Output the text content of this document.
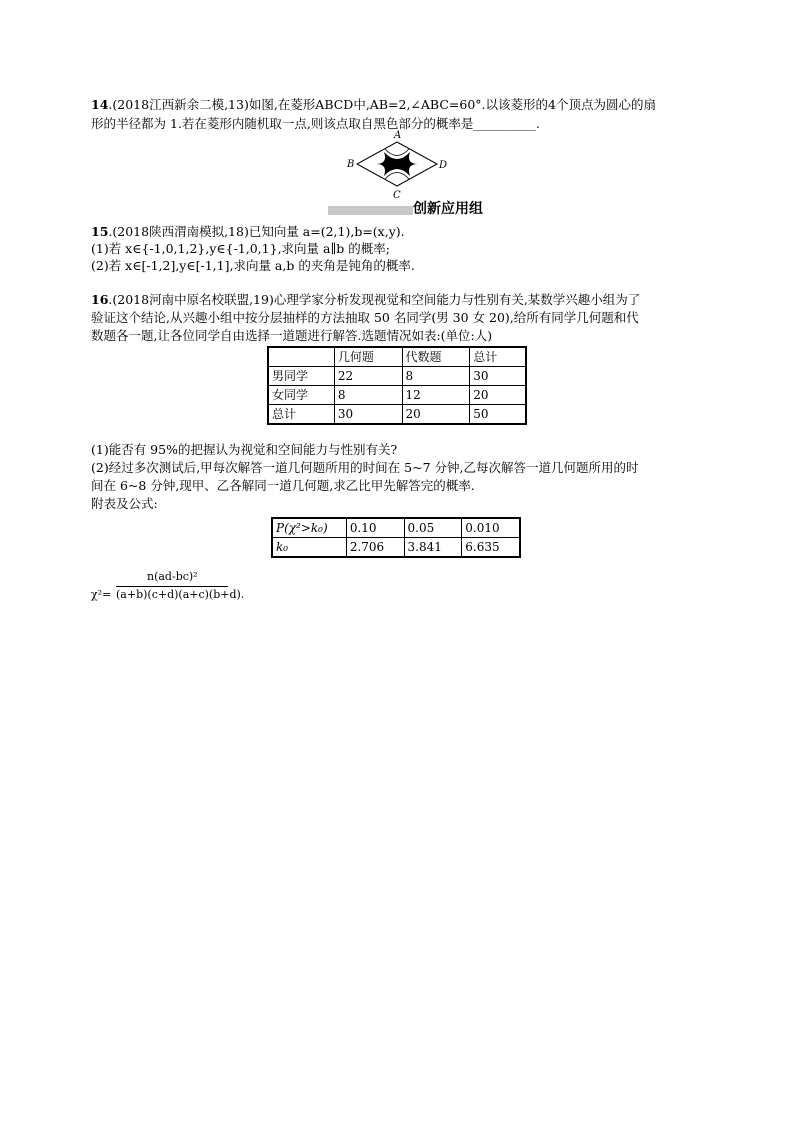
14.(2018江西新余二模,13)如图,在菱形ABCD中,AB=2,∠ABC=60°.以该菱形的4个顶点为圆心的扇
形的半径都为 1.若在菱形内随机取一点,则该点取自黑色部分的概率是__________.
A
B	D
C
创新应用组
15.(2018陕西渭南模拟,18)已知向量 a=(2,1),b=(x,y).
(1)若 x∈{-1,0,1,2},y∈{-1,0,1},求向量 a∥b 的概率;
(2)若 x∈[-1,2],y∈[-1,1],求向量 a,b 的夹角是钝角的概率.
16.(2018河南中原名校联盟,19)心理学家分析发现视觉和空间能力与性别有关,某数学兴趣小组为了
验证这个结论,从兴趣小组中按分层抽样的方法抽取 50 名同学(男 30 女 20),给所有同学几何题和代
数题各一题,让各位同学自由选择一道题进行解答.选题情况如表:(单位:人)
	几何题	代数题	总计
男同学	22	8	30
女同学	8	12	20
总计	30	20	50
(1)能否有 95%的把握认为视觉和空间能力与性别有关?
(2)经过多次测试后,甲每次解答一道几何题所用的时间在 5~7 分钟,乙每次解答一道几何题所用的时
间在 6~8 分钟,现甲、乙各解同一道几何题,求乙比甲先解答完的概率.
附表及公式:
P(χ²>k₀)	0.10	0.05	0.010
k₀	2.706	3.841	6.635
n(ad-bc)²
χ²= (a+b)(c+d)(a+c)(b+d).
